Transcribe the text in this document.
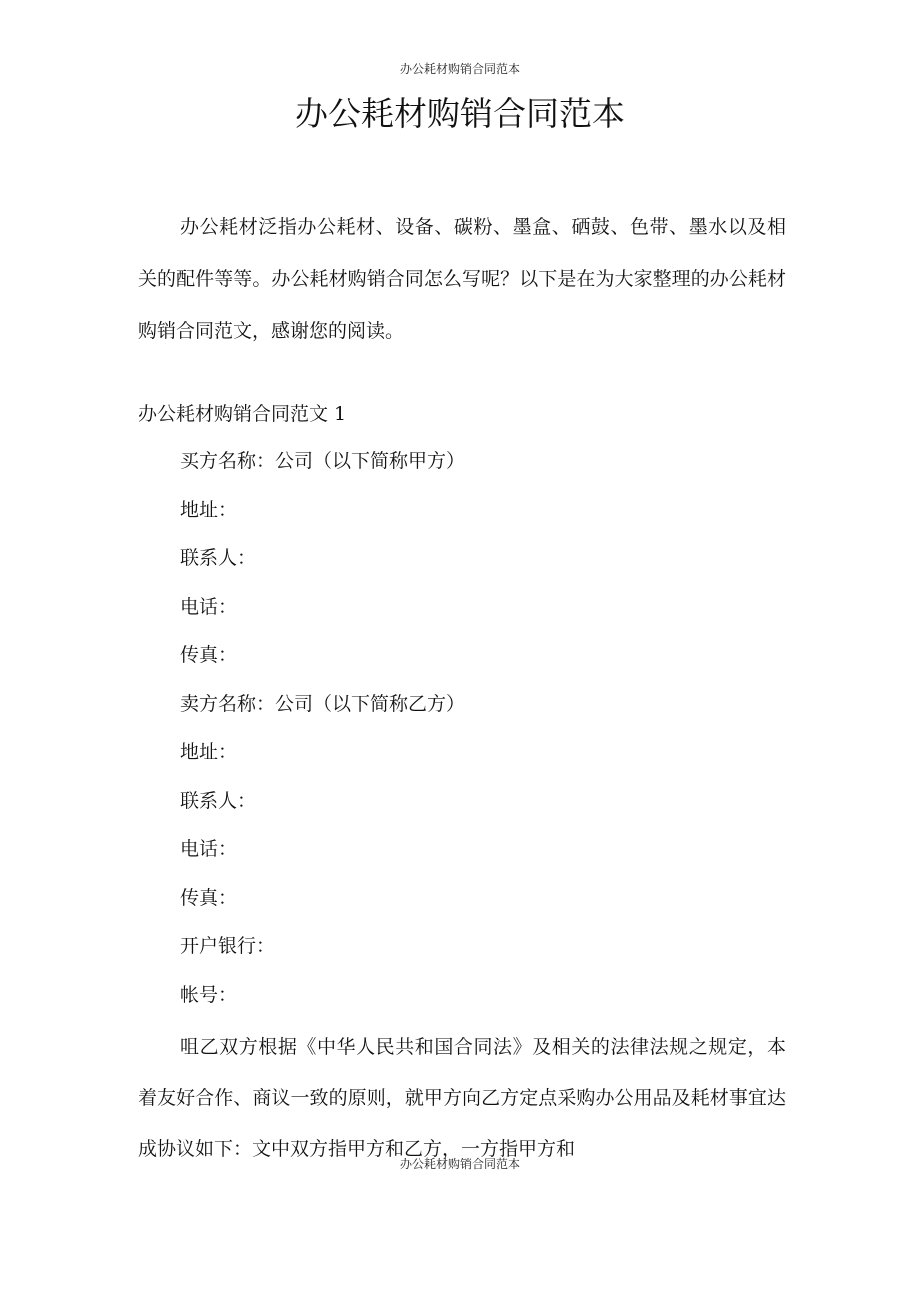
办公耗材购销合同范本
办公耗材购销合同范本

办公耗材泛指办公耗材、设备、碳粉、墨盒、硒鼓、色带、墨水以及相关的配件等等。办公耗材购销合同怎么写呢？以下是在为大家整理的办公耗材购销合同范文，感谢您的阅读。

办公耗材购销合同范文 1
买方名称：公司（以下简称甲方）
地址：
联系人：
电话：
传真：
卖方名称：公司（以下简称乙方）
地址：
联系人：
电话：
传真：
开户银行：
帐号：

咀乙双方根据《中华人民共和国合同法》及相关的法律法规之规定，本着友好合作、商议一致的原则，就甲方向乙方定点采购办公用品及耗材事宜达成协议如下：文中双方指甲方和乙方，一方指甲方和

办公耗材购销合同范本
